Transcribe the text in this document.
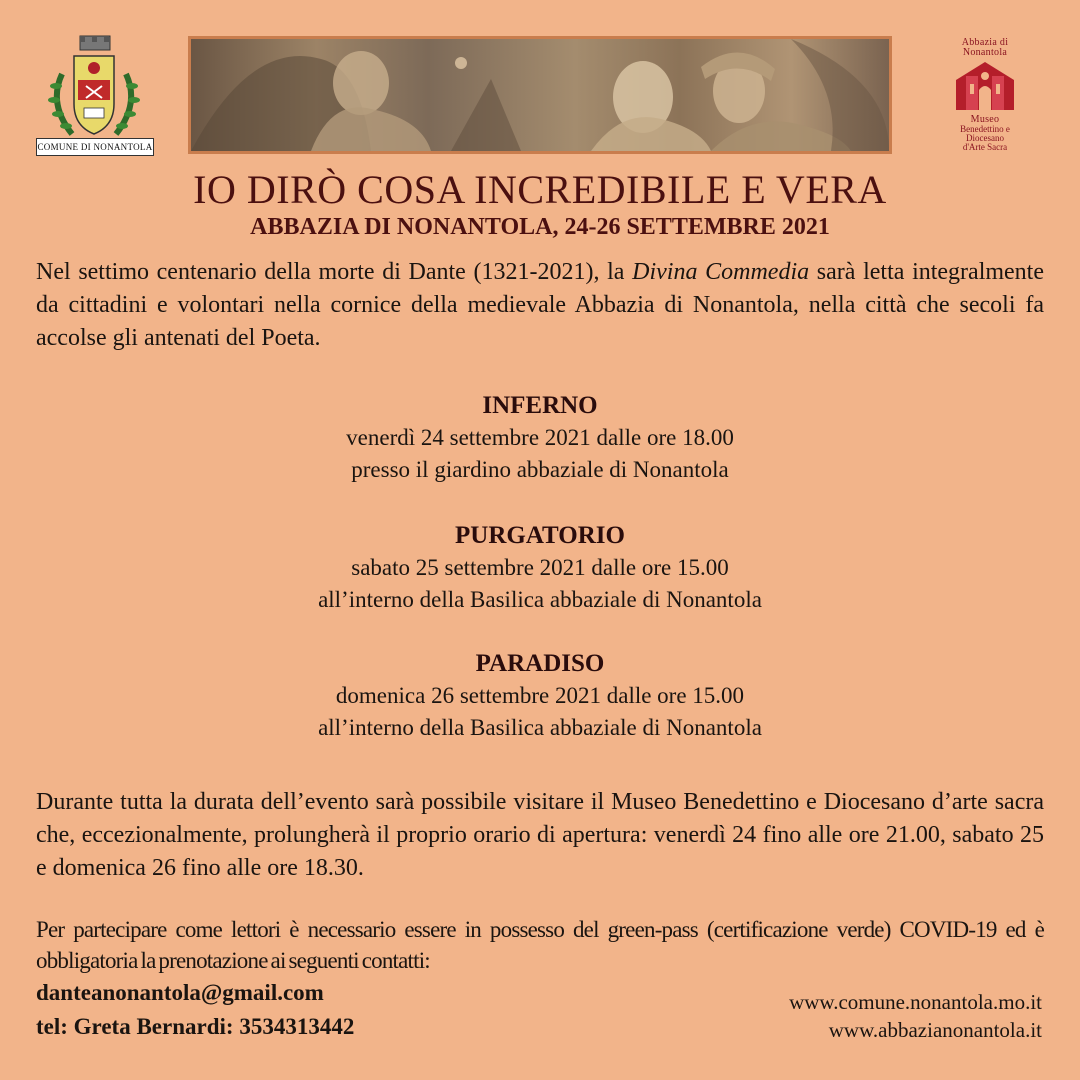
COMUNE DI NONANTOLA
Abbazia di
Nonantola
Museo
Benedettino e
Diocesano
d'Arte Sacra
IO DIRÒ COSA INCREDIBILE E VERA
ABBAZIA DI NONANTOLA, 24-26 SETTEMBRE 2021
Nel settimo centenario della morte di Dante (1321-2021), la Divina Commedia sarà letta integralmente da cittadini e volontari nella cornice della medievale Abbazia di Nonantola, nella città che secoli fa accolse gli antenati del Poeta.
INFERNO
venerdì 24 settembre 2021 dalle ore 18.00
presso il giardino abbaziale di Nonantola
PURGATORIO
sabato 25 settembre 2021 dalle ore 15.00
all’interno della Basilica abbaziale di Nonantola
PARADISO
domenica 26 settembre 2021 dalle ore 15.00
all’interno della Basilica abbaziale di Nonantola
Durante tutta la durata dell’evento sarà possibile visitare il Museo Benedettino e Diocesano d’arte sacra che, eccezionalmente, prolungherà il proprio orario di apertura: venerdì 24 fino alle ore 21.00, sabato 25 e domenica 26 fino alle ore 18.30.
Per partecipare come lettori è necessario essere in possesso del green-pass (certificazione verde) COVID-19 ed è obbligatoria la prenotazione ai seguenti contatti:
danteanonantola@gmail.com
tel: Greta Bernardi: 3534313442
www.comune.nonantola.mo.it
www.abbazianonantola.it
